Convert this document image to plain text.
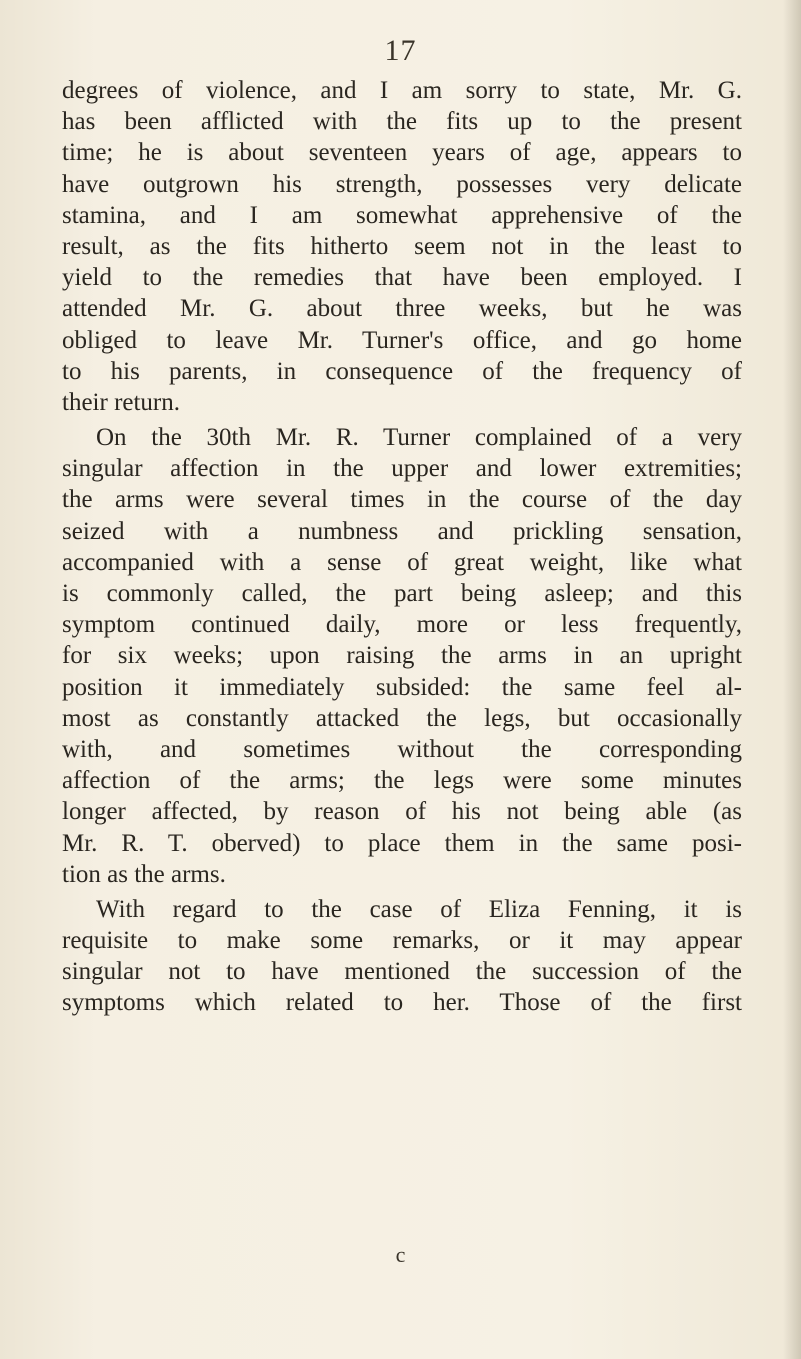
17
degrees of violence, and I am sorry to state, Mr. G.
has been afflicted with the fits up to the present
time; he is about seventeen years of age, appears to
have outgrown his strength, possesses very delicate
stamina, and I am somewhat apprehensive of the
result, as the fits hitherto seem not in the least to
yield to the remedies that have been employed. I
attended Mr. G. about three weeks, but he was
obliged to leave Mr. Turner's office, and go home
to his parents, in consequence of the frequency of
their return.
On the 30th Mr. R. Turner complained of a very
singular affection in the upper and lower extremities;
the arms were several times in the course of the day
seized with a numbness and prickling sensation,
accompanied with a sense of great weight, like what
is commonly called, the part being asleep; and this
symptom continued daily, more or less frequently,
for six weeks; upon raising the arms in an upright
position it immediately subsided: the same feel al-
most as constantly attacked the legs, but occasionally
with, and sometimes without the corresponding
affection of the arms; the legs were some minutes
longer affected, by reason of his not being able (as
Mr. R. T. oberved) to place them in the same posi-
tion as the arms.
With regard to the case of Eliza Fenning, it is
requisite to make some remarks, or it may appear
singular not to have mentioned the succession of the
symptoms which related to her. Those of the first
c
